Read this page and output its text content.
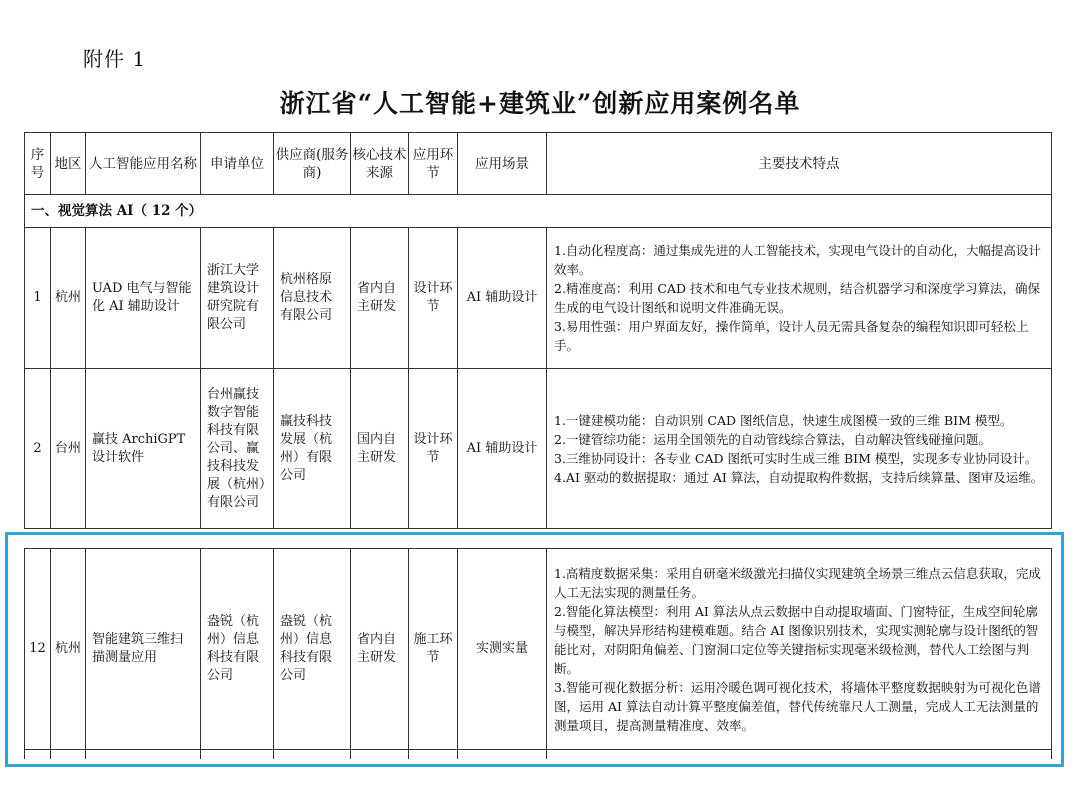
附件 1
浙江省“人工智能+建筑业”创新应用案例名单
序号	地区	人工智能应用名称	申请单位	供应商(服务商)	核心技术来源	应用环节	应用场景	主要技术特点
一、视觉算法 AI（ 12 个）								
1	杭州	UAD 电气与智能化 AI 辅助设计	浙江大学建筑设计研究院有限公司	杭州格原信息技术有限公司	省内自主研发	设计环节	AI 辅助设计	1.自动化程度高：通过集成先进的人工智能技术，实现电气设计的自动化，大幅提高设计效率。
2.精准度高：利用 CAD 技术和电气专业技术规则，结合机器学习和深度学习算法，确保生成的电气设计图纸和说明文件准确无误。
3.易用性强：用户界面友好，操作简单，设计人员无需具备复杂的编程知识即可轻松上手。

2	台州	赢技 ArchiGPT 设计软件	台州赢技数字智能科技有限公司、赢技科技发展（杭州）有限公司	赢技科技发展（杭州）有限公司	国内自主研发	设计环节	AI 辅助设计	1.一键建模功能：自动识别 CAD 图纸信息，快速生成图模一致的三维 BIM 模型。
2.一键管综功能：运用全国领先的自动管线综合算法，自动解决管线碰撞问题。
3.三维协同设计：各专业 CAD 图纸可实时生成三维 BIM 模型，实现多专业协同设计。
4.AI 驱动的数据提取：通过 AI 算法，自动提取构件数据，支持后续算量、图审及运维。
12	杭州	智能建筑三维扫描测量应用	盎锐（杭州）信息科技有限公司	盎锐（杭州）信息科技有限公司	省内自主研发	施工环节	实测实量	1.高精度数据采集：采用自研毫米级激光扫描仪实现建筑全场景三维点云信息获取，完成人工无法实现的测量任务。
2.智能化算法模型：利用 AI 算法从点云数据中自动提取墙面、门窗特征，生成空间轮廓与模型，解决异形结构建模难题。结合 AI 图像识别技术，实现实测轮廓与设计图纸的智能比对，对阴阳角偏差、门窗洞口定位等关键指标实现毫米级检测，替代人工绘图与判断。
3.智能可视化数据分析：运用冷暖色调可视化技术，将墙体平整度数据映射为可视化色谱图，运用 AI 算法自动计算平整度偏差值，替代传统靠尺人工测量，完成人工无法测量的测量项目，提高测量精准度、效率。
